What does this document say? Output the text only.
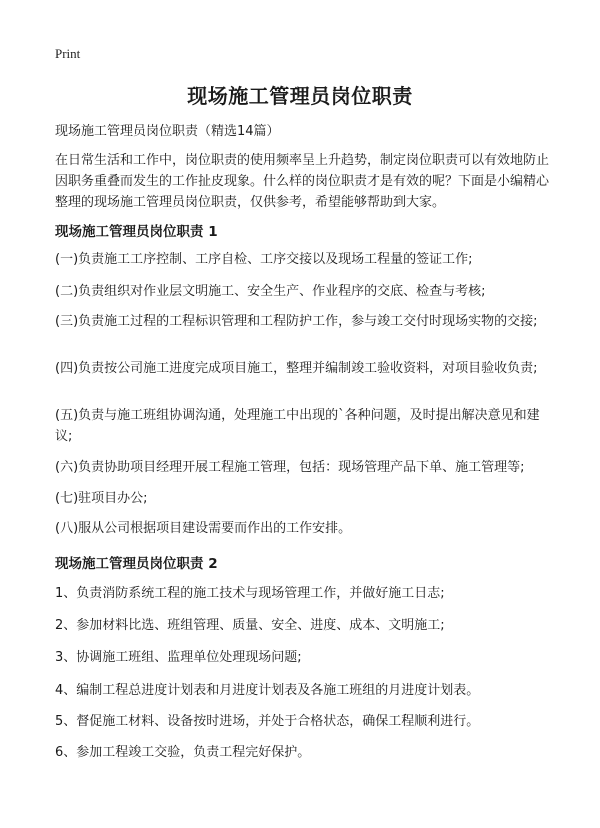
Print
现场施工管理员岗位职责
现场施工管理员岗位职责（精选14篇）
在日常生活和工作中，岗位职责的使用频率呈上升趋势，制定岗位职责可以有效地防止因职务重叠而发生的工作扯皮现象。什么样的岗位职责才是有效的呢？下面是小编精心整理的现场施工管理员岗位职责，仅供参考，希望能够帮助到大家。
现场施工管理员岗位职责 1
(一)负责施工工序控制、工序自检、工序交接以及现场工程量的签证工作;
(二)负责组织对作业层文明施工、安全生产、作业程序的交底、检查与考核;
(三)负责施工过程的工程标识管理和工程防护工作，参与竣工交付时现场实物的交接;
(四)负责按公司施工进度完成项目施工，整理并编制竣工验收资料，对项目验收负责;
(五)负责与施工班组协调沟通，处理施工中出现的`各种问题，及时提出解决意见和建议;
(六)负责协助项目经理开展工程施工管理，包括：现场管理产品下单、施工管理等;
(七)驻项目办公;
(八)服从公司根据项目建设需要而作出的工作安排。
现场施工管理员岗位职责 2
1、负责消防系统工程的施工技术与现场管理工作，并做好施工日志;
2、参加材料比选、班组管理、质量、安全、进度、成本、文明施工;
3、协调施工班组、监理单位处理现场问题;
4、编制工程总进度计划表和月进度计划表及各施工班组的月进度计划表。
5、督促施工材料、设备按时进场，并处于合格状态，确保工程顺利进行。
6、参加工程竣工交验，负责工程完好保护。
